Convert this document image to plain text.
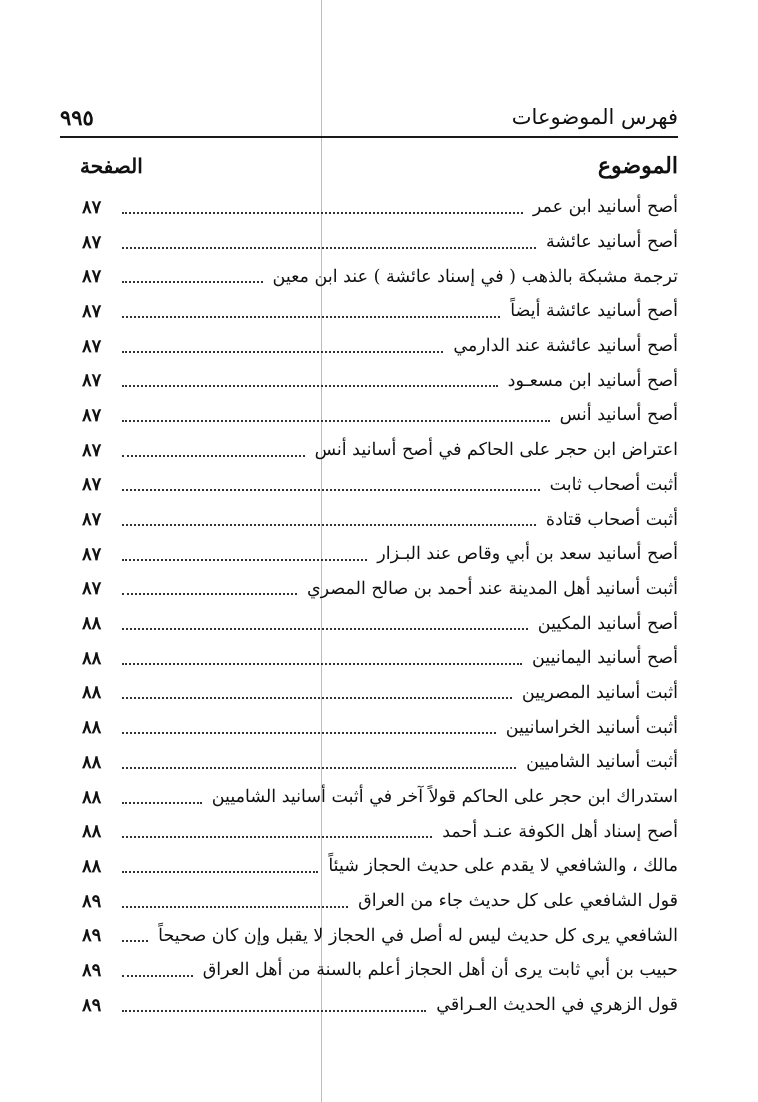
فهرس الموضوعات
٩٩٥
الموضوع
الصفحة
أصح أسانيد ابن عمر
٨٧
أصح أسانيد عائشة
٨٧
ترجمة مشبكة بالذهب ( في إسناد عائشة ) عند ابن معين
٨٧
أصح أسانيد عائشة أيضاً
٨٧
أصح أسانيد عائشة عند الدارمي
٨٧
أصح أسانيد ابن مسعـود
٨٧
أصح أسانيد أنس
٨٧
اعتراض ابن حجر على الحاكم في أصح أسانيد أنس
٨٧
أثبت أصحاب ثابت
٨٧
أثبت أصحاب قتادة
٨٧
أصح أسانيد سعد بن أبي وقاص عند البـزار
٨٧
أثبت أسانيد أهل المدينة عند أحمد بن صالح المصري
٨٧
أصح أسانيد المكيين
٨٨
أصح أسانيد اليمانيين
٨٨
أثبت أسانيد المصريين
٨٨
أثبت أسانيد الخراسانيين
٨٨
أثبت أسانيد الشاميين
٨٨
استدراك ابن حجر على الحاكم قولاً آخر في أثبت أسانيد الشاميين
٨٨
أصح إسناد أهل الكوفة عنـد أحمد
٨٨
مالك ، والشافعي لا يقدم على حديث الحجاز شيئاً
٨٨
قول الشافعي على كل حديث جاء من العراق
٨٩
الشافعي يرى كل حديث ليس له أصل في الحجاز لا يقبل وإن كان صحيحاً
٨٩
حبيب بن أبي ثابت يرى أن أهل الحجاز أعلم بالسنة من أهل العراق
٨٩
قول الزهري في الحديث العـراقي
٨٩
